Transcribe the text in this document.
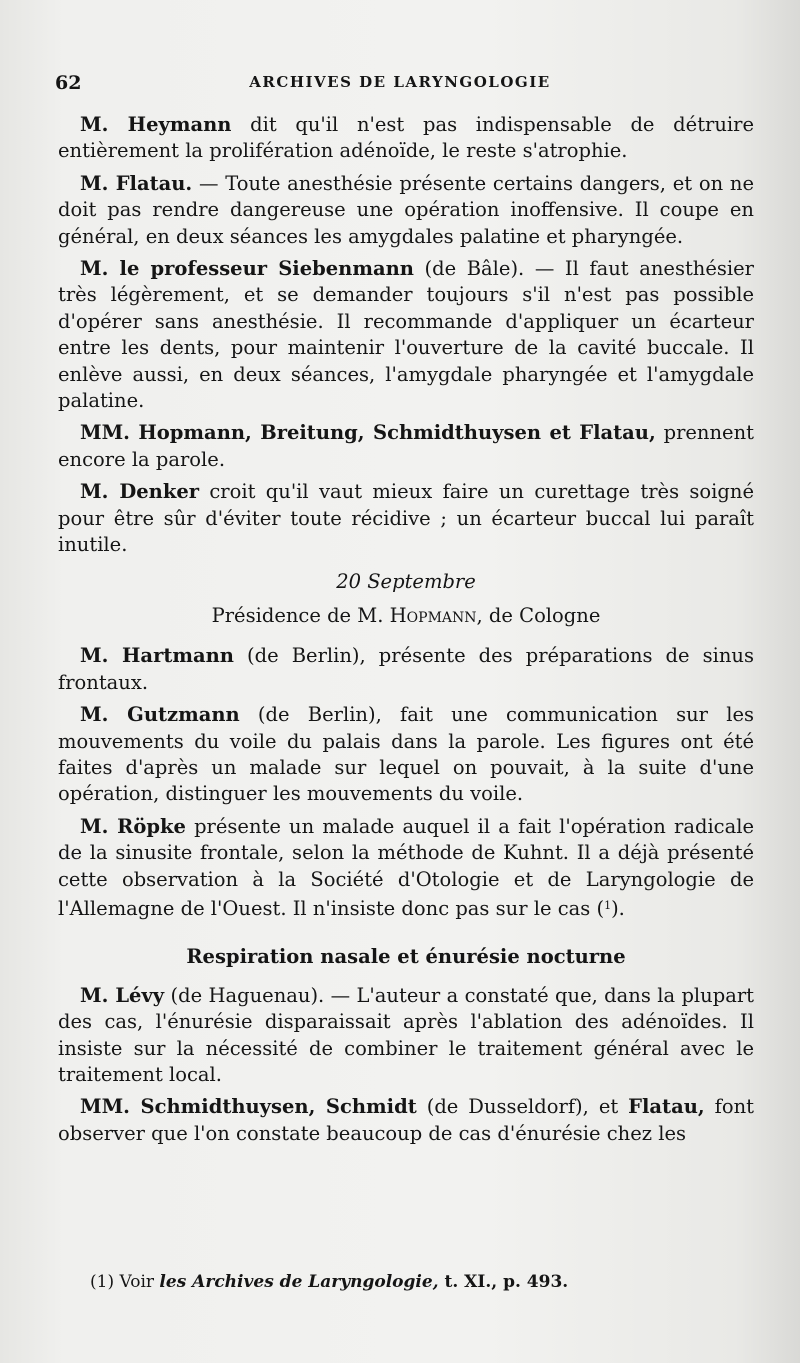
62	ARCHIVES DE LARYNGOLOGIE

M. Heymann dit qu'il n'est pas indispensable de détruire entièrement la prolifération adénoïde, le reste s'atrophie.

M. Flatau. — Toute anesthésie présente certains dangers, et on ne doit pas rendre dangereuse une opération inoffensive. Il coupe en général, en deux séances les amygdales palatine et pharyngée.

M. le professeur Siebenmann (de Bâle). — Il faut anesthésier très légèrement, et se demander toujours s'il n'est pas possible d'opérer sans anesthésie. Il recommande d'appliquer un écarteur entre les dents, pour maintenir l'ouverture de la cavité buccale. Il enlève aussi, en deux séances, l'amygdale pharyngée et l'amygdale palatine.

MM. Hopmann, Breitung, Schmidthuysen et Flatau, prennent encore la parole.

M. Denker croit qu'il vaut mieux faire un curettage très soigné pour être sûr d'éviter toute récidive ; un écarteur buccal lui paraît inutile.

20 Septembre

Présidence de M. Hopmann, de Cologne

M. Hartmann (de Berlin), présente des préparations de sinus frontaux.

M. Gutzmann (de Berlin), fait une communication sur les mouvements du voile du palais dans la parole. Les figures ont été faites d'après un malade sur lequel on pouvait, à la suite d'une opération, distinguer les mouvements du voile.

M. Röpke présente un malade auquel il a fait l'opération radicale de la sinusite frontale, selon la méthode de Kuhnt. Il a déjà présenté cette observation à la Société d'Otologie et de Laryngologie de l'Allemagne de l'Ouest. Il n'insiste donc pas sur le cas ($^1$).

Respiration nasale et énurésie nocturne

M. Lévy (de Haguenau). — L'auteur a constaté que, dans la plupart des cas, l'énurésie disparaissait après l'ablation des adénoïdes. Il insiste sur la nécessité de combiner le traitement général avec le traitement local.

MM. Schmidthuysen, Schmidt (de Dusseldorf), et Flatau, font observer que l'on constate beaucoup de cas d'énurésie chez les

(1) Voir les Archives de Laryngologie, t. XI., p. 493.
